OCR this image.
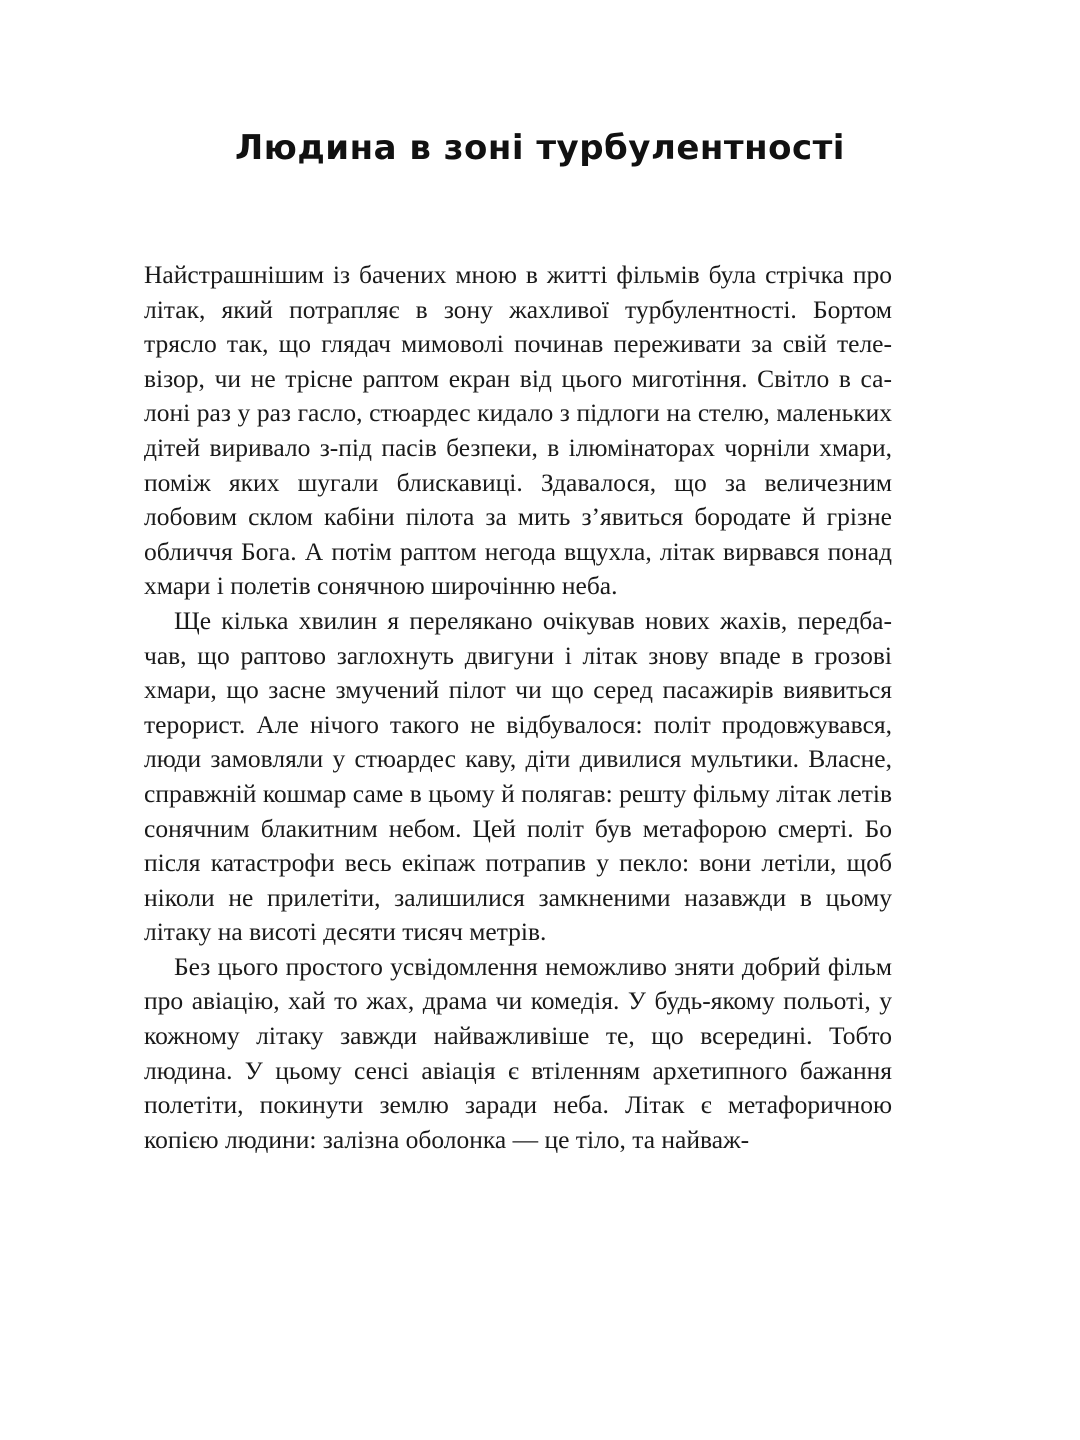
Людина в зоні турбулентності

Найстрашнішим із бачених мною в житті фільмів була стрічка про літак, який потрапляє в зону жахливої турбулентності. Бортом трясло так, що глядач мимоволі починав переживати за свій телевізор, чи не трісне раптом екран від цього миготіння. Світло в салоні раз у раз гасло, стюардес кидало з підлоги на стелю, маленьких дітей виривало з-під пасів безпеки, в ілюмінаторах чорніли хмари, поміж яких шугали блискавиці. Здавалося, що за величезним лобовим склом кабіни пілота за мить з’явиться бородате й грізне обличчя Бога. А потім раптом негода вщухла, літак вирвався понад хмари і полетів сонячною широчінню неба.

Ще кілька хвилин я перелякано очікував нових жахів, передбачав, що раптово заглохнуть двигуни і літак знову впаде в грозові хмари, що засне змучений пілот чи що серед пасажирів виявиться терорист. Але нічого такого не відбувалося: політ продовжувався, люди замовляли у стюардес каву, діти дивилися мультики. Власне, справжній кошмар саме в цьому й полягав: решту фільму літак летів сонячним блакитним небом. Цей політ був метафорою смерті. Бо після катастрофи весь екіпаж потрапив у пекло: вони летіли, щоб ніколи не прилетіти, залишилися замкненими назавжди в цьому літаку на висоті десяти тисяч метрів.

Без цього простого усвідомлення неможливо зняти добрий фільм про авіацію, хай то жах, драма чи комедія. У будь-якому польоті, у кожному літаку завжди найважливіше те, що всередині. Тобто людина. У цьому сенсі авіація є втіленням архетипного бажання полетіти, покинути землю заради неба. Літак є метафоричною копією людини: залізна оболонка — це тіло, та найваж-
